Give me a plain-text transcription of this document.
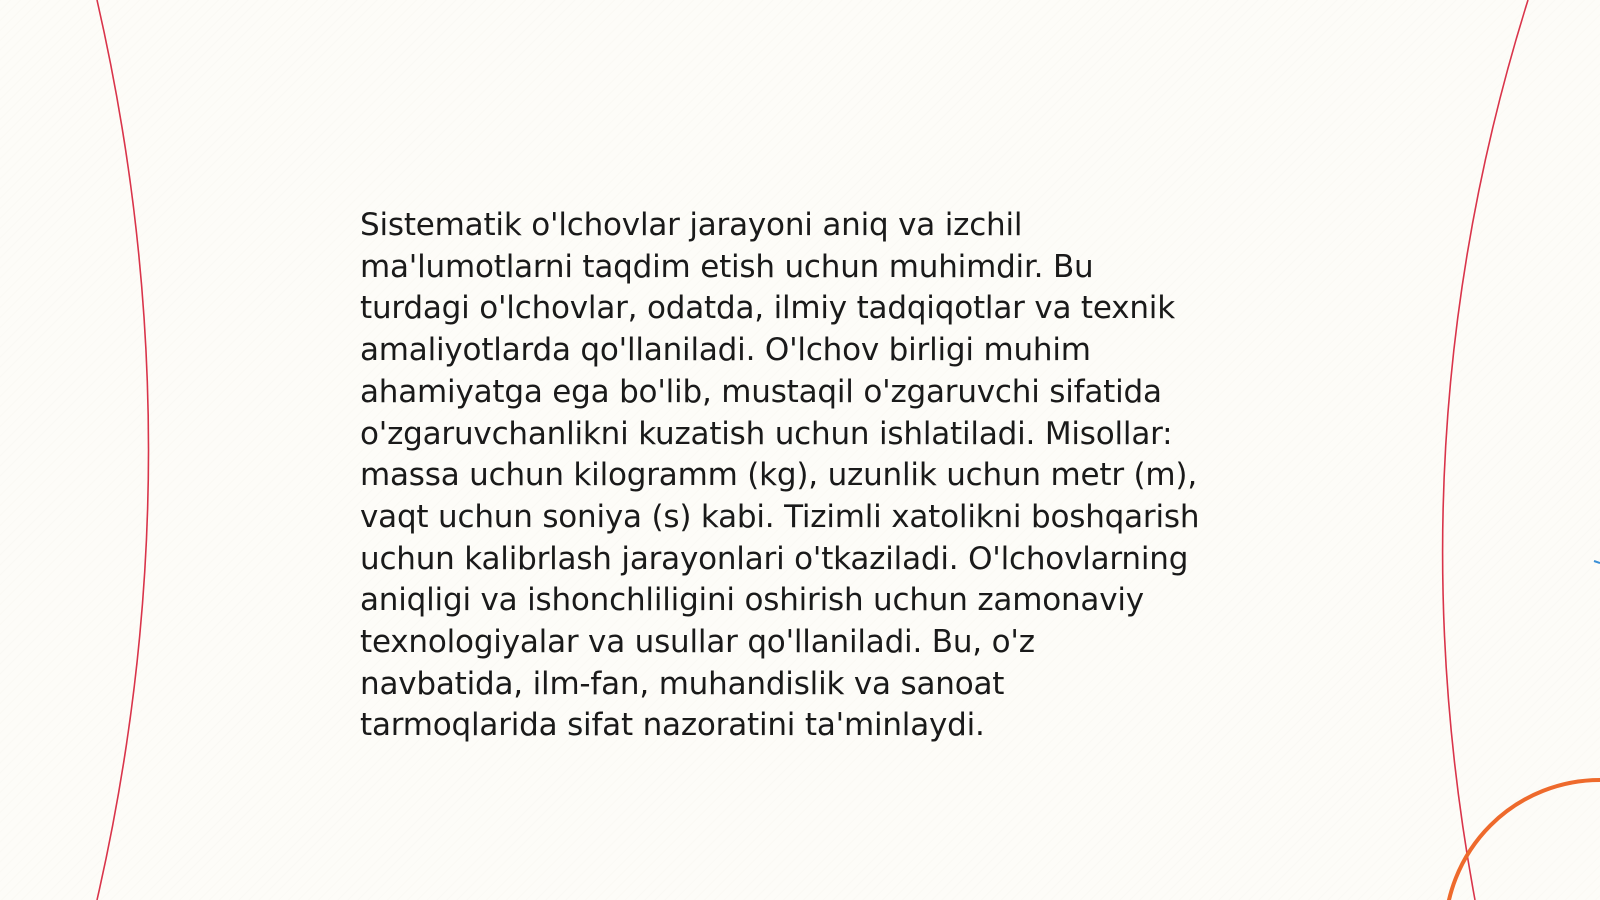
Sistematik o'lchovlar jarayoni aniq va izchil
ma'lumotlarni taqdim etish uchun muhimdir. Bu
turdagi o'lchovlar, odatda, ilmiy tadqiqotlar va texnik
amaliyotlarda qo'llaniladi. O'lchov birligi muhim
ahamiyatga ega bo'lib, mustaqil o'zgaruvchi sifatida
o'zgaruvchanlikni kuzatish uchun ishlatiladi. Misollar:
massa uchun kilogramm (kg), uzunlik uchun metr (m),
vaqt uchun soniya (s) kabi. Tizimli xatolikni boshqarish
uchun kalibrlash jarayonlari o'tkaziladi. O'lchovlarning
aniqligi va ishonchliligini oshirish uchun zamonaviy
texnologiyalar va usullar qo'llaniladi. Bu, o'z
navbatida, ilm-fan, muhandislik va sanoat
tarmoqlarida sifat nazoratini ta'minlaydi.
